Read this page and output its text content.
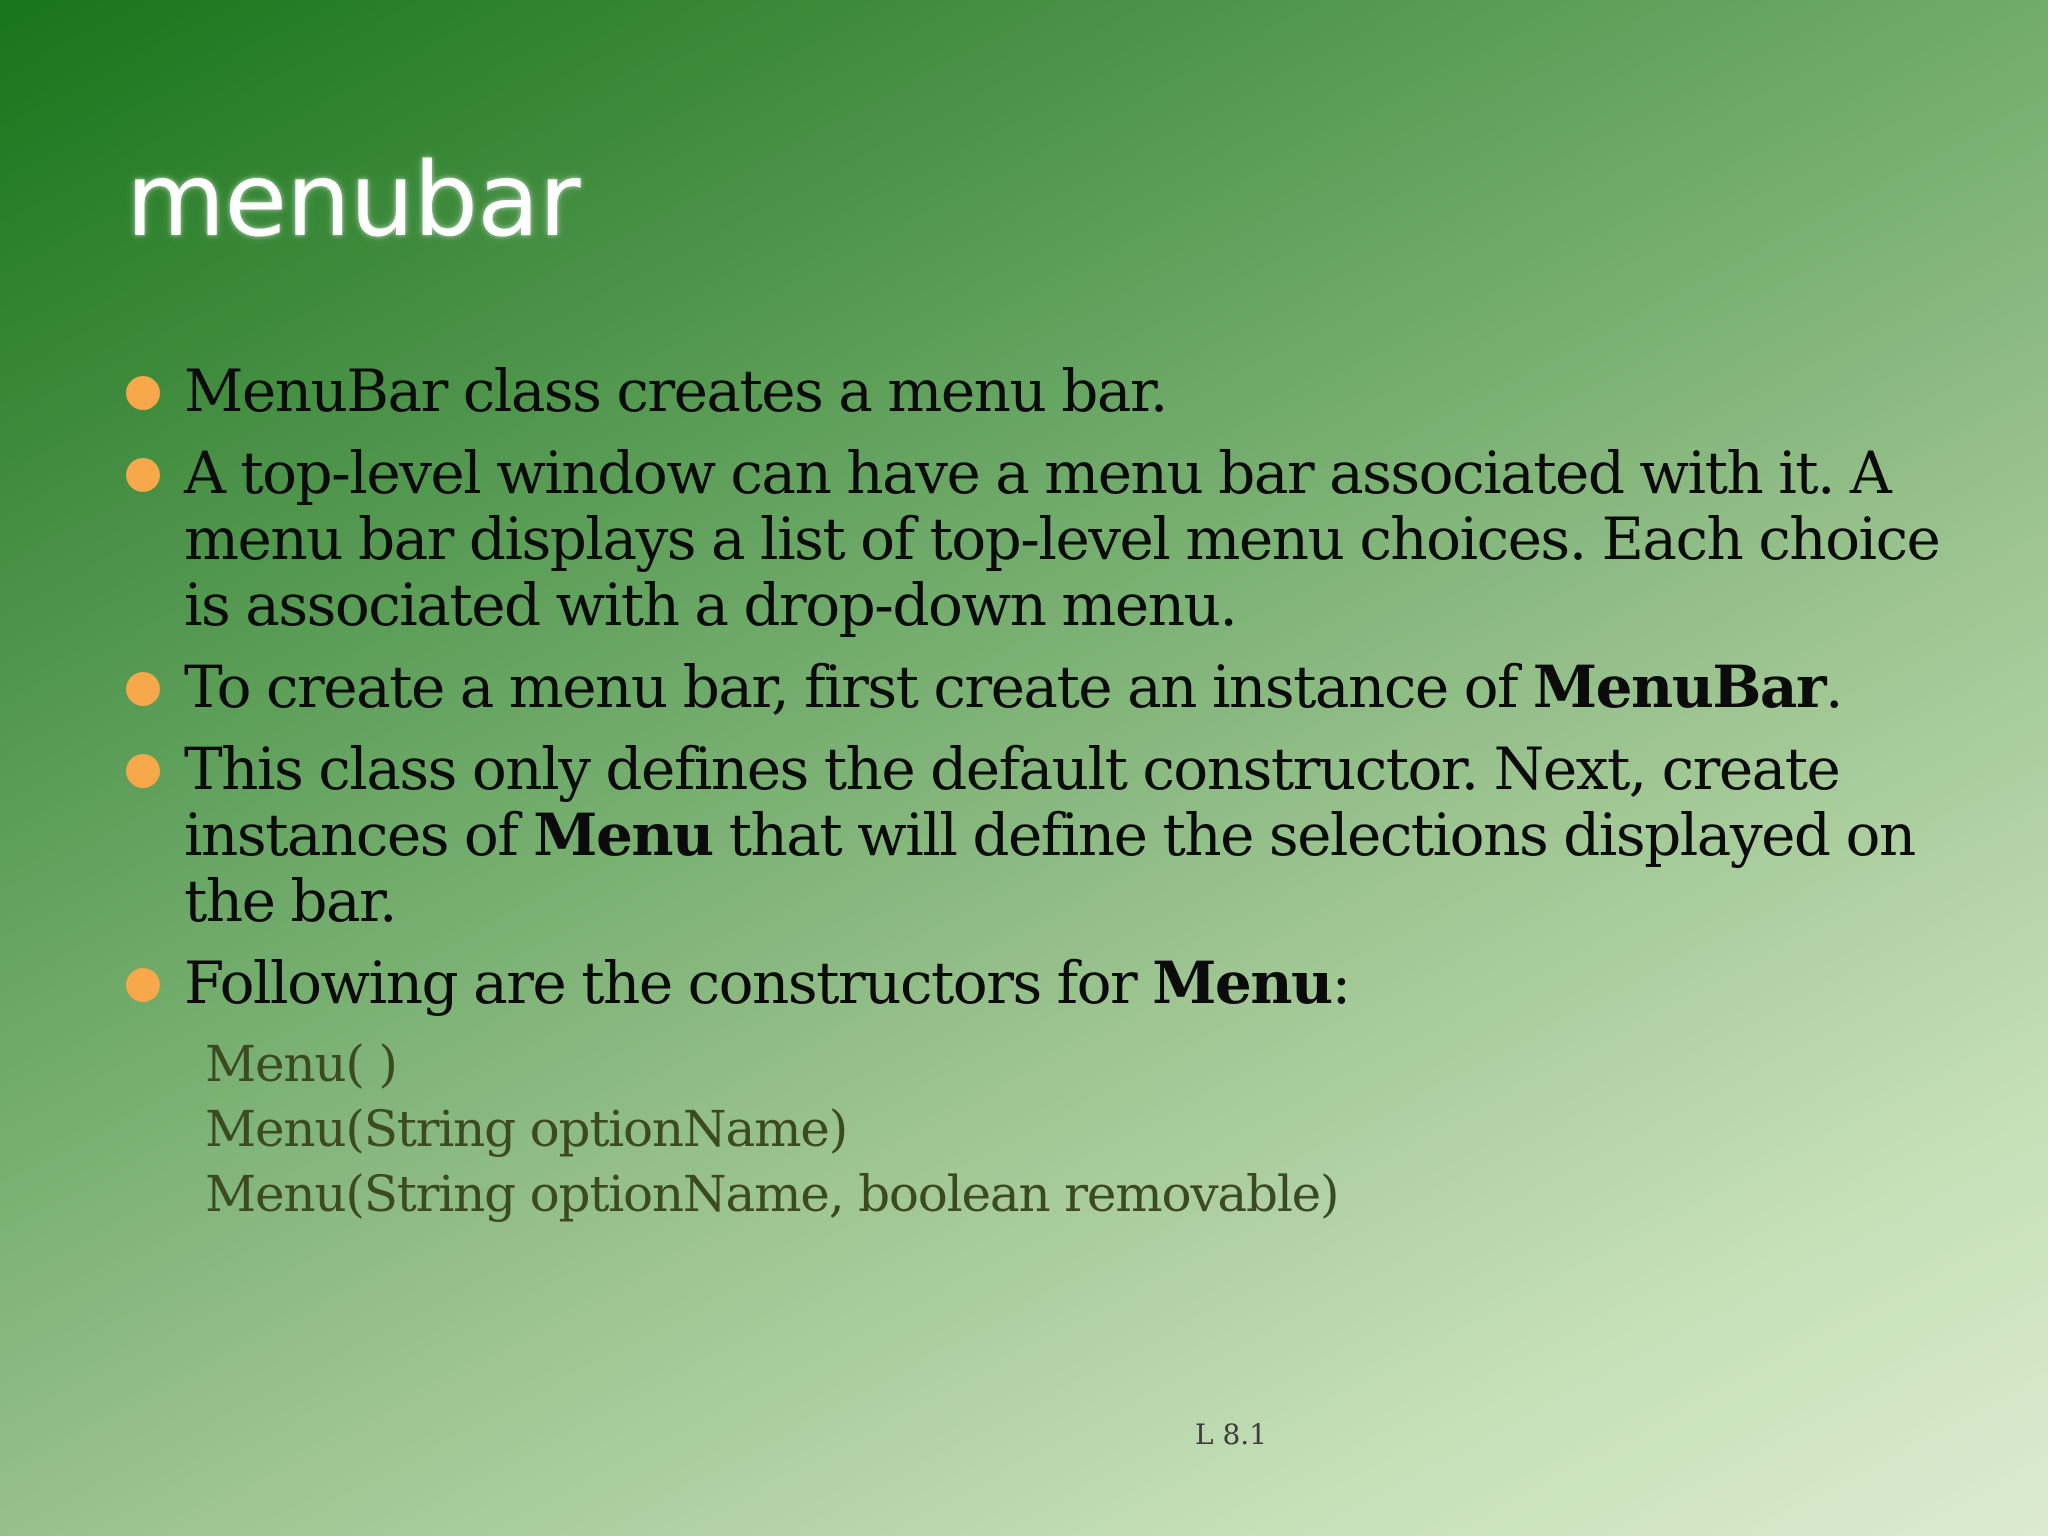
menubar
MenuBar class creates a menu bar.
A top-level window can have a menu bar associated with it. A menu bar displays a list of top-level menu choices. Each choice is associated with a drop-down menu.
To create a menu bar, first create an instance of MenuBar.
This class only defines the default constructor. Next, create instances of Menu that will define the selections displayed on the bar.
Following are the constructors for Menu:
Menu( )
Menu(String optionName)
Menu(String optionName, boolean removable)
L 8.1
